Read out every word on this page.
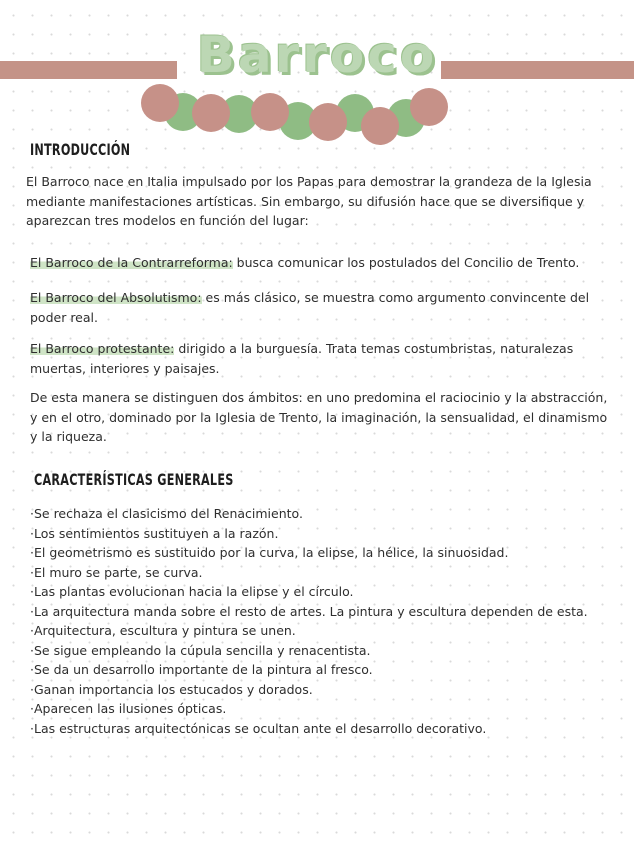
Barroco
INTRODUCCIÓN

El Barroco nace en Italia impulsado por los Papas para demostrar la grandeza de la Iglesia mediante manifestaciones artísticas. Sin embargo, su difusión hace que se diversifique y aparezcan tres modelos en función del lugar:

El Barroco de la Contrarreforma: busca comunicar los postulados del Concilio de Trento.

El Barroco del Absolutismo: es más clásico, se muestra como argumento convincente del poder real.

El Barroco protestante: dirigido a la burguesía. Trata temas costumbristas, naturalezas muertas, interiores y paisajes.

De esta manera se distinguen dos ámbitos: en uno predomina el raciocinio y la abstracción, y en el otro, dominado por la Iglesia de Trento, la imaginación, la sensualidad, el dinamismo y la riqueza.

CARACTERÍSTICAS GENERALES
·Se rechaza el clasicismo del Renacimiento.
·Los sentimientos sustituyen a la razón.
·El geometrismo es sustituido por la curva, la elipse, la hélice, la sinuosidad.
·El muro se parte, se curva.
·Las plantas evolucionan hacia la elipse y el círculo.
·La arquitectura manda sobre el resto de artes. La pintura y escultura dependen de esta.
·Arquitectura, escultura y pintura se unen.
·Se sigue empleando la cúpula sencilla y renacentista.
·Se da un desarrollo importante de la pintura al fresco.
·Ganan importancia los estucados y dorados.
·Aparecen las ilusiones ópticas.
·Las estructuras arquitectónicas se ocultan ante el desarrollo decorativo.
